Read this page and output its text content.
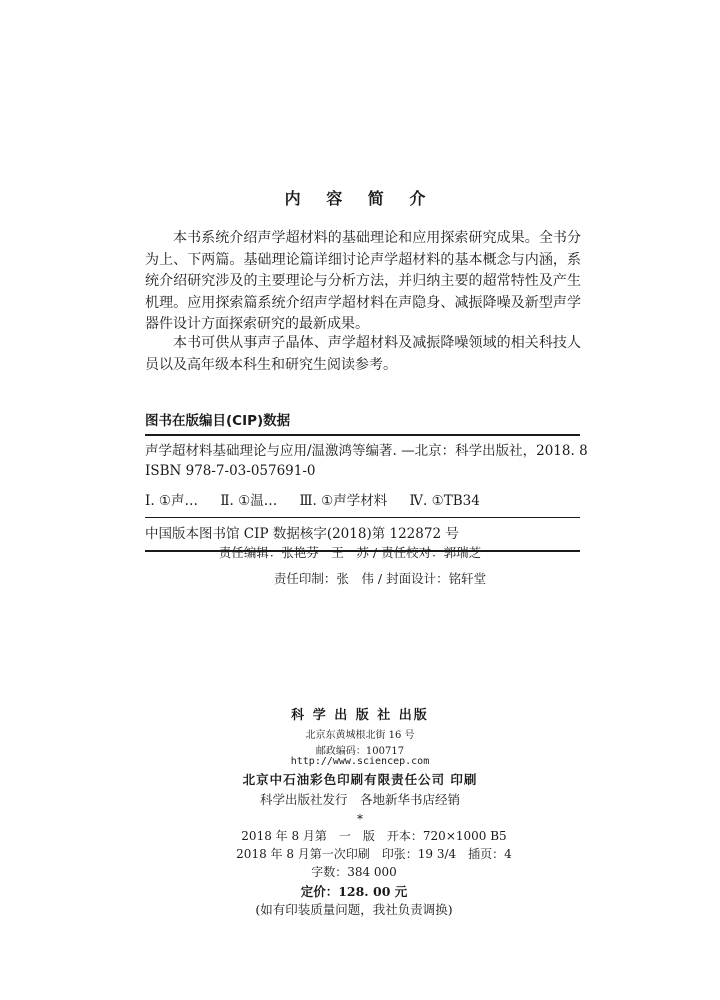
内 容 简 介
本书系统介绍声学超材料的基础理论和应用探索研究成果。全书分为上、下两篇。基础理论篇详细讨论声学超材料的基本概念与内涵，系统介绍研究涉及的主要理论与分析方法，并归纳主要的超常特性及产生机理。应用探索篇系统介绍声学超材料在声隐身、减振降噪及新型声学器件设计方面探索研究的最新成果。
本书可供从事声子晶体、声学超材料及减振降噪领域的相关科技人员以及高年级本科生和研究生阅读参考。
图书在版编目(CIP)数据
声学超材料基础理论与应用/温激鸿等编著. —北京：科学出版社，2018. 8
ISBN 978-7-03-057691-0
Ⅰ. ①声… Ⅱ. ①温… Ⅲ. ①声学材料 Ⅳ. ①TB34
中国版本图书馆 CIP 数据核字(2018)第 122872 号
责任编辑：张艳芬　王　苏 / 责任校对：郭瑞芝
责任印制：张　伟 / 封面设计：铭轩堂
科 学 出 版 社 出版
北京东黄城根北街 16 号
邮政编码：100717
http://www.sciencep.com
北京中石油彩色印刷有限责任公司 印刷
科学出版社发行　各地新华书店经销
*
2018 年 8 月第　一　版　开本：720×1000 B5
2018 年 8 月第一次印刷　印张：19 3/4　插页：4
字数：384 000
定价：128. 00 元
(如有印装质量问题，我社负责调换)
